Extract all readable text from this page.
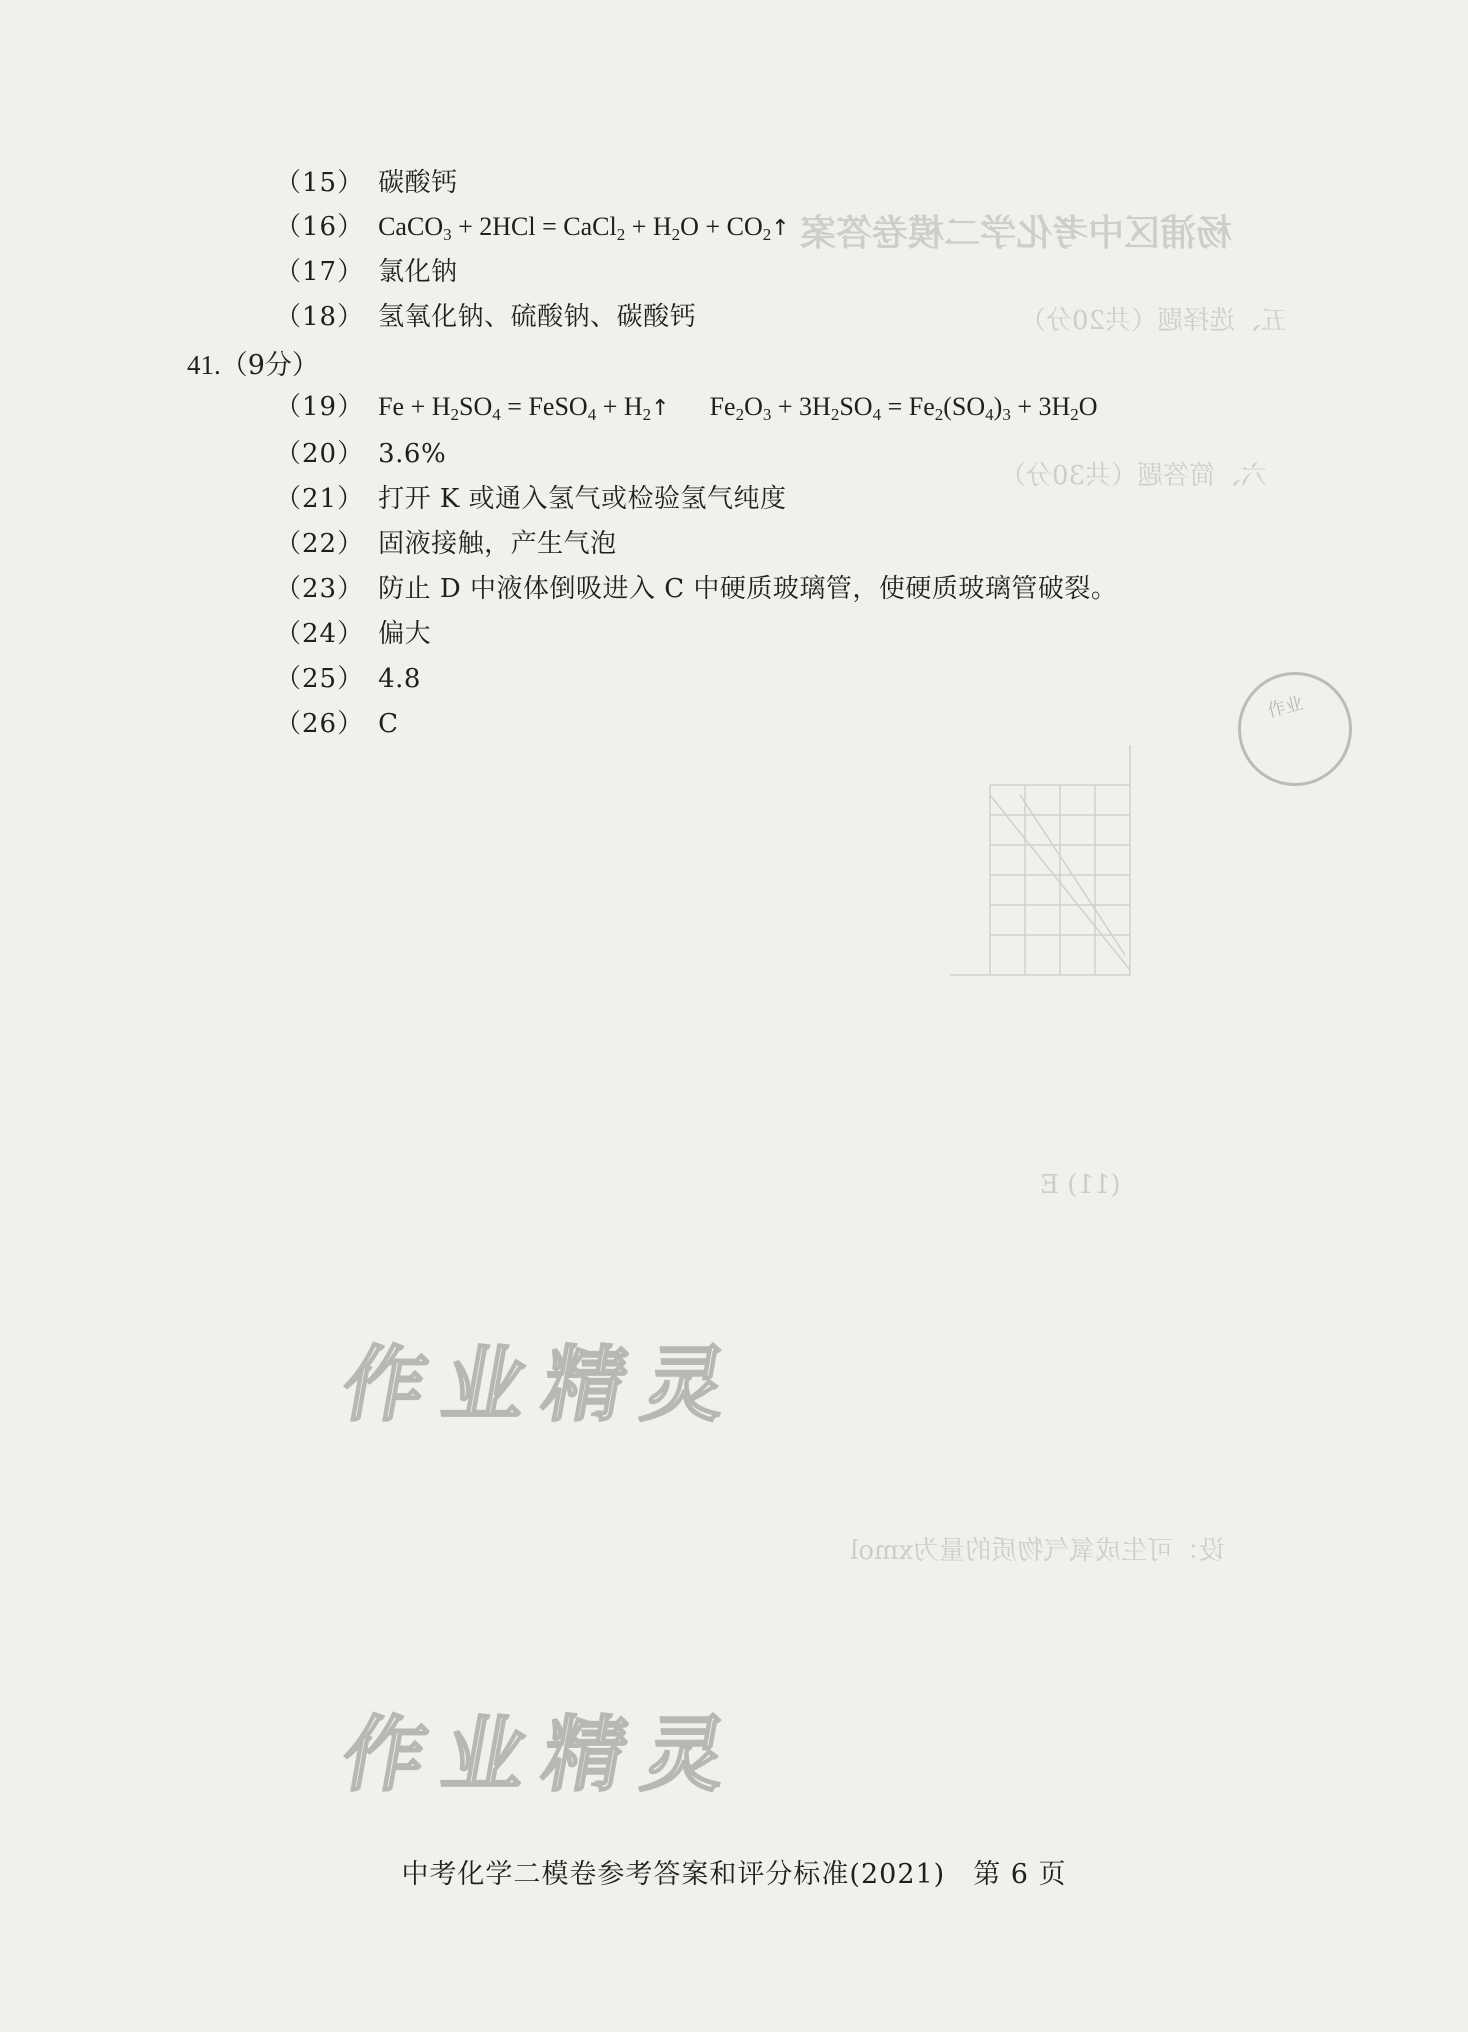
杨浦区中考化学二模卷答案
五、选择题（共20分）
六、简答题（共30分）
(11) E
设：可生成氧气物质的量为xmol
（15） 碳酸钙
（16） CaCO$_3$ + 2HCl = CaCl$_2$ + $H_2O$ + $CO_2↑$
（17） 氯化钠
（18） 氢氧化钠、硫酸钠、碳酸钙
41.（9分）
（19） $Fe + H_2SO_4$ = FeSO$_4$ + $H_2↑$ $Fe_2O_3 + 3H_2SO_4 = Fe_2(SO_4)_3 + 3H_2O$
（20） 3.6%
（21） 打开 K 或通入氢气或检验氢气纯度
（22） 固液接触，产生气泡
（23） 防止 D 中液体倒吸进入 C 中硬质玻璃管，使硬质玻璃管破裂。
（24） 偏大
（25） 4.8
（26） C
作业
作业精灵
作业精灵
中考化学二模卷参考答案和评分标准(2021)　第 6 页
